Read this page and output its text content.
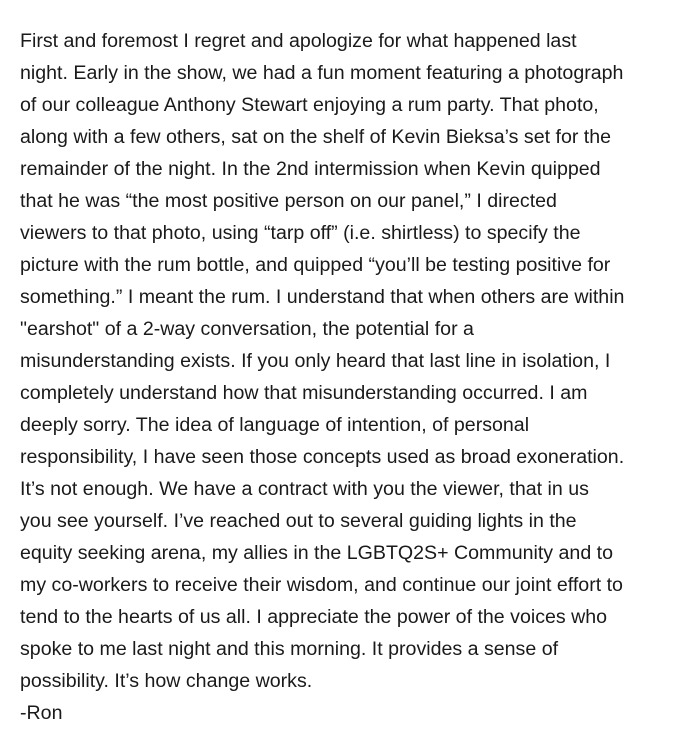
First and foremost I regret and apologize for what happened last
night. Early in the show, we had a fun moment featuring a photograph
of our colleague Anthony Stewart enjoying a rum party. That photo,
along with a few others, sat on the shelf of Kevin Bieksa’s set for the
remainder of the night. In the 2nd intermission when Kevin quipped
that he was “the most positive person on our panel,” I directed
viewers to that photo, using “tarp off” (i.e. shirtless) to specify the
picture with the rum bottle, and quipped “you’ll be testing positive for
something.” I meant the rum. I understand that when others are within
"earshot" of a 2-way conversation, the potential for a
misunderstanding exists. If you only heard that last line in isolation, I
completely understand how that misunderstanding occurred. I am
deeply sorry. The idea of language of intention, of personal
responsibility, I have seen those concepts used as broad exoneration.
It’s not enough. We have a contract with you the viewer, that in us
you see yourself. I’ve reached out to several guiding lights in the
equity seeking arena, my allies in the LGBTQ2S+ Community and to
my co-workers to receive their wisdom, and continue our joint effort to
tend to the hearts of us all. I appreciate the power of the voices who
spoke to me last night and this morning. It provides a sense of
possibility. It’s how change works.
-Ron
